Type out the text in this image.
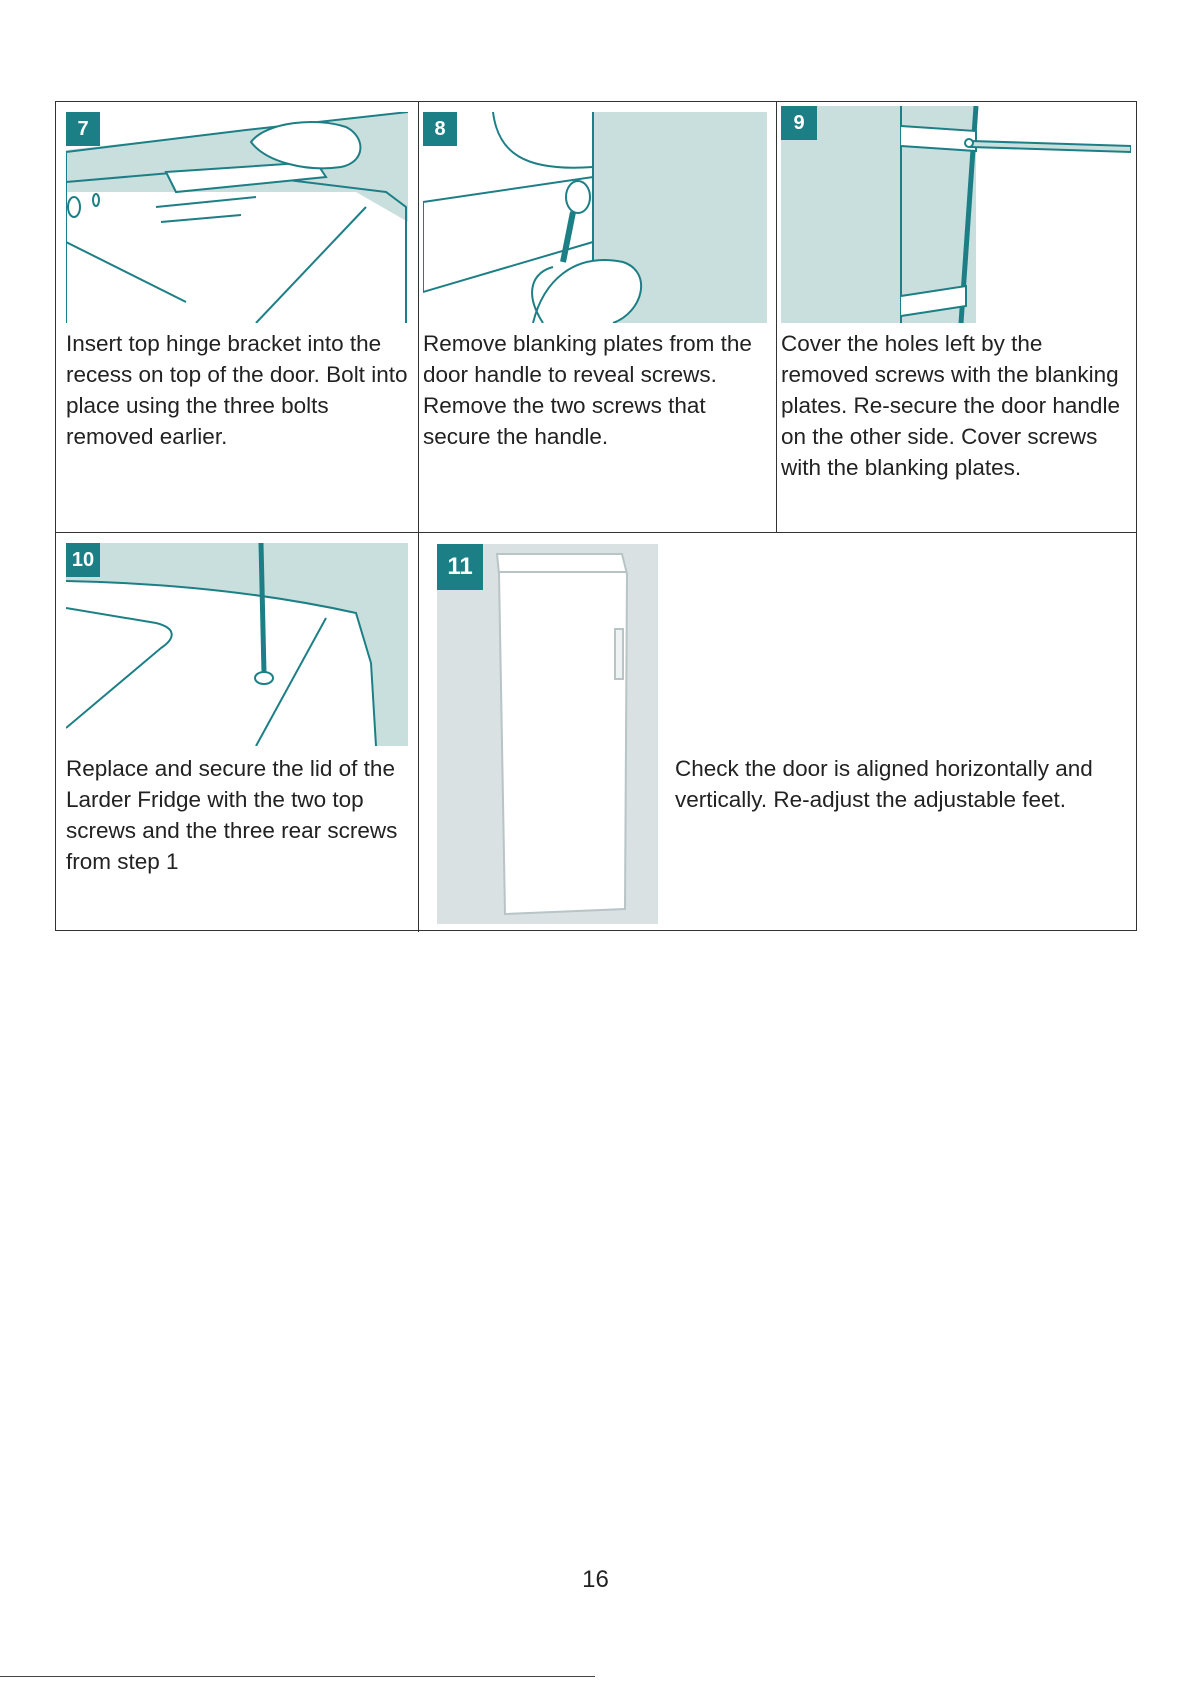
7
Insert top hinge bracket into the recess on top of the door. Bolt into place using the three bolts removed earlier.
8
Remove blanking plates from the door handle to reveal screws. Remove the two screws that secure the handle.
9
Cover the holes left by the removed screws with the blanking plates. Re-secure the door handle on the other side. Cover screws with the blanking plates.
10
Replace and secure the lid of the Larder Fridge with the two top screws and the three rear screws from step 1
11
Check the door is aligned horizontally and vertically. Re-adjust the adjustable feet.
16
